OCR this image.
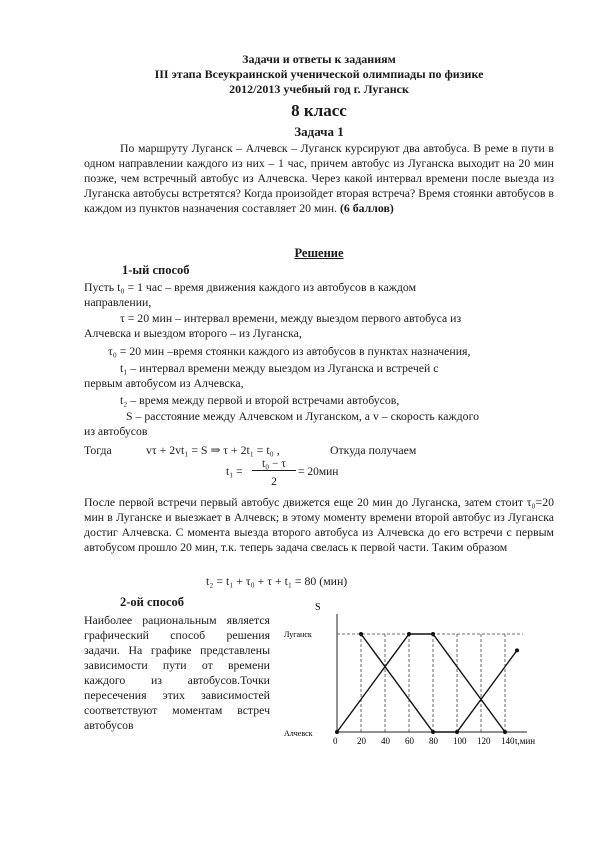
Задачи и ответы к заданиям
III этапа Всеукраинской ученической олимпиады по физике
2012/2013 учебный год г. Луганск
8 класс
Задача 1
По маршруту Луганск – Алчевск – Луганск курсируют два автобуса. В реме в пути в одном направлении каждого из них – 1 час, причем автобус из Луганска выходит на 20 мин позже, чем встречный автобус из Алчевска. Через какой интервал времени после выезда из Луганска автобусы встретятся? Когда произойдет вторая встреча? Время стоянки автобусов в каждом из пунктов назначения составляет 20 мин. (6 баллов)
Решение
1-ый способ
Пусть t₀ = 1 час – время движения каждого из автобусов в каждом
направлении,
τ = 20 мин – интервал времени, между выездом первого автобуса из
Алчевска и выездом второго – из Луганска,
τ₀ = 20 мин –время стоянки каждого из автобусов в пунктах назначения,
t₁ – интервал времени между выездом из Луганска и встречей с
первым автобусом из Алчевска,
t₂ – время между первой и второй встречами автобусов,
S – расстояние между Алчевском и Луганском, а v – скорость каждого
из автобусов
Тогда	vτ + 2vt₁ = S ⇒ τ + 2t₁ = t₀ ,	Откуда получаем
t₁ =
t₀ − τ
2
= 20мин
После первой встречи первый автобус движется еще 20 мин до Луганска, затем стоит τ₀=20 мин в Луганске и выезжает в Алчевск; в этому моменту времени второй автобус из Луганска достиг Алчевска. С момента выезда второго автобуса из Алчевска до его встречи с первым автобусом прошло 20 мин, т.к. теперь задача свелась к первой части. Таким образом
t₂ = t₁ + τ₀ + τ + t₁ = 80 (мин)
2-ой способ
Наиболее рациональным является графический способ решения задачи. На графике представлены зависимости пути от времени каждого из автобусов.Точки пересечения этих зависимостей соответствуют моментам встреч автобусов
S
Луганск
Алчевск
t,мин
0 20 40 60 80 100 120 140
